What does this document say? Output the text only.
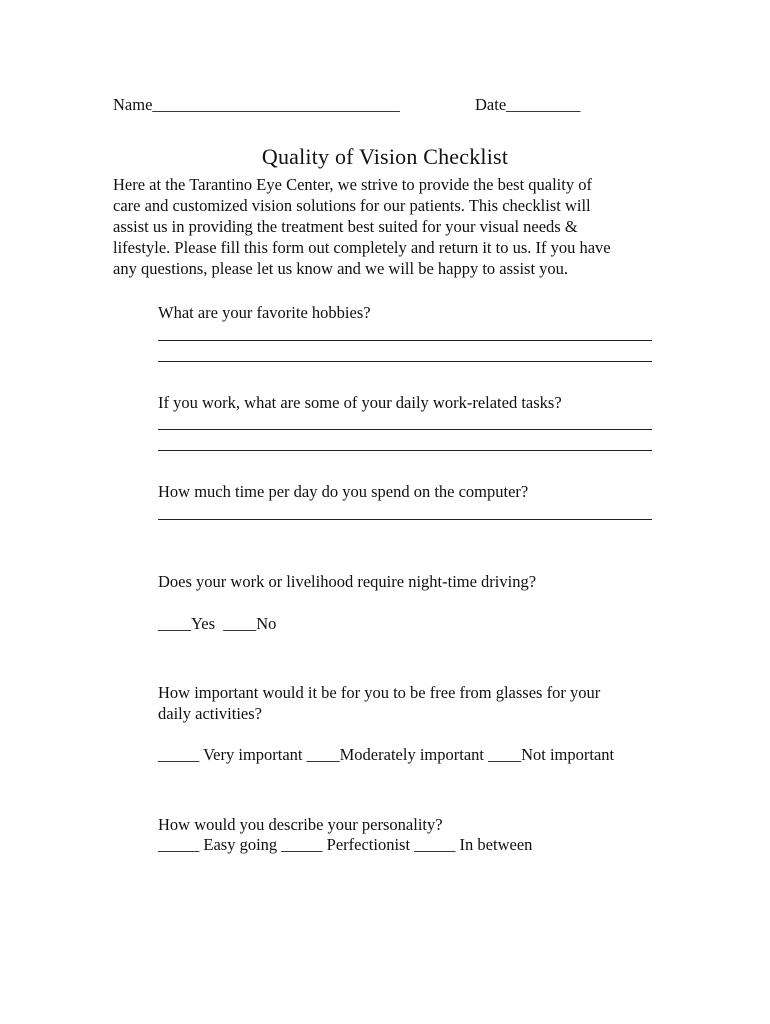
Name______________________________	Date_________
Quality of Vision Checklist
Here at the Tarantino Eye Center, we strive to provide the best quality of
care and customized vision solutions for our patients. This checklist will
assist us in providing the treatment best suited for your visual needs &
lifestyle. Please fill this form out completely and return it to us. If you have
any questions, please let us know and we will be happy to assist you.
What are your favorite hobbies?
If you work, what are some of your daily work-related tasks?
How much time per day do you spend on the computer?
Does your work or livelihood require night-time driving?
____Yes  ____No
How important would it be for you to be free from glasses for your
daily activities?
_____ Very important ____Moderately important ____Not important
How would you describe your personality?
_____ Easy going _____ Perfectionist _____ In between
